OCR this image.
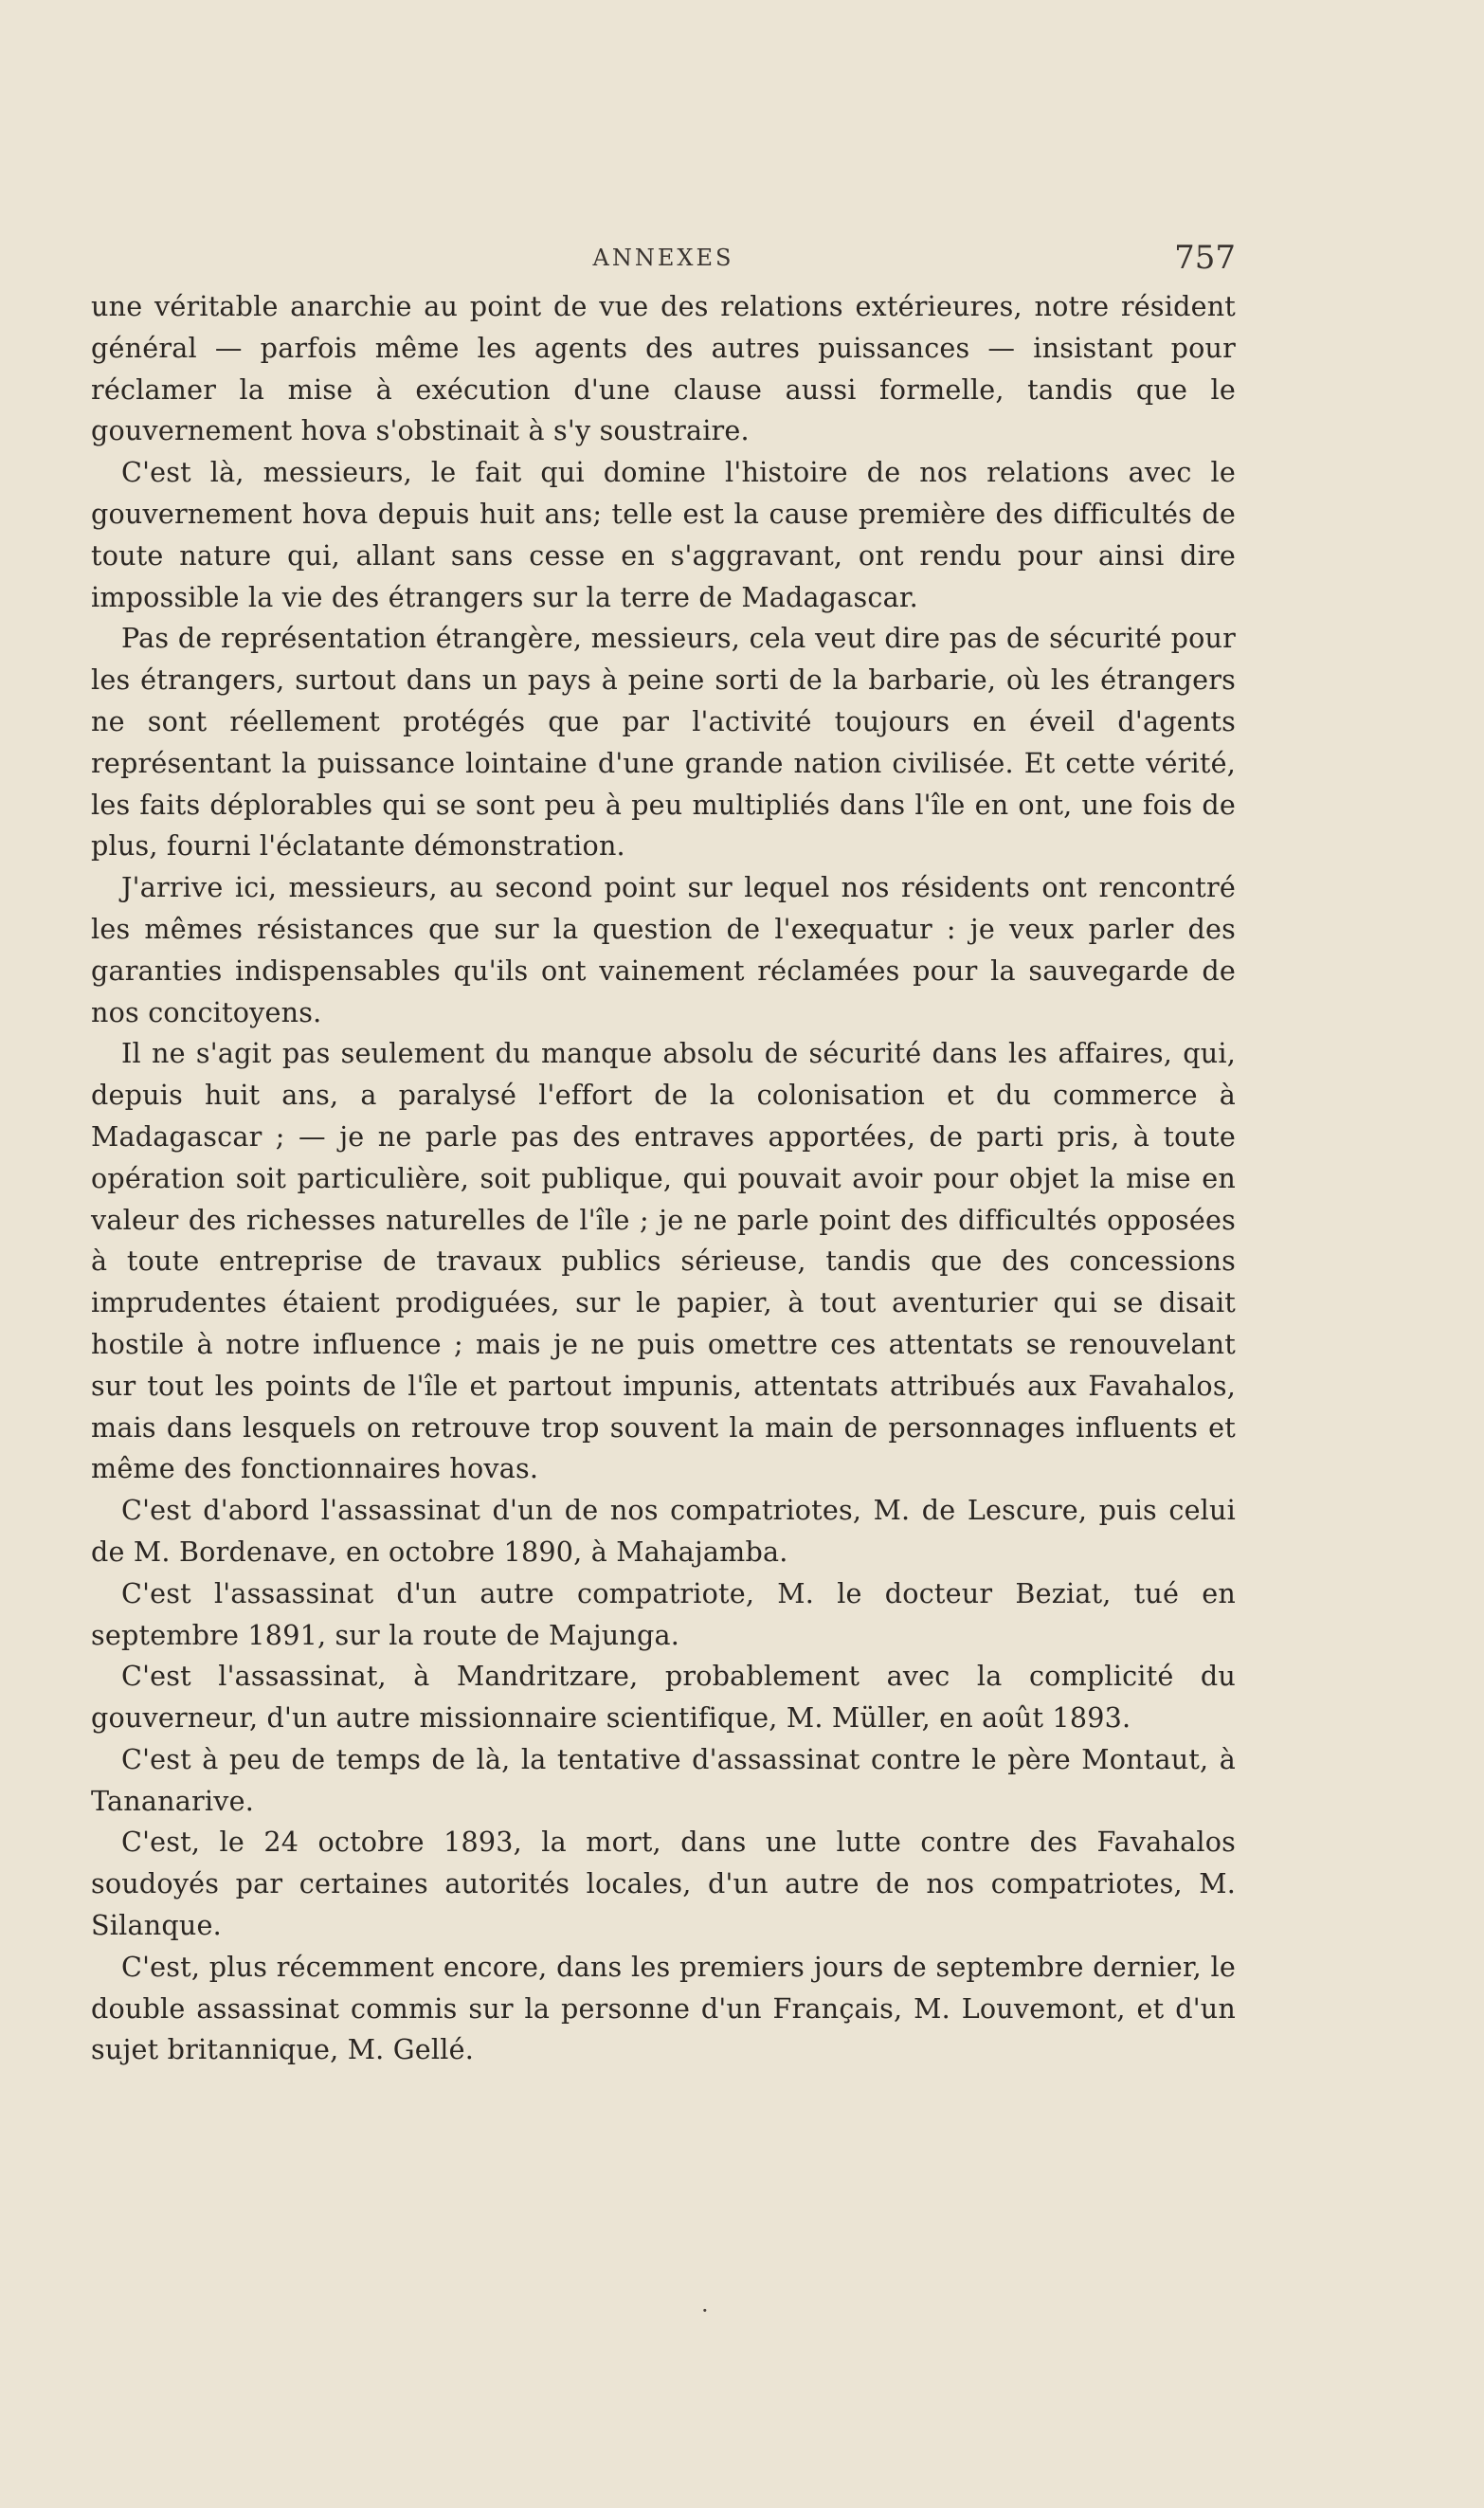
ANNEXES	757

une véritable anarchie au point de vue des relations extérieures, notre résident général — parfois même les agents des autres puissances — insistant pour réclamer la mise à exécution d'une clause aussi formelle, tandis que le gouvernement hova s'obstinait à s'y soustraire.

C'est là, messieurs, le fait qui domine l'histoire de nos relations avec le gouvernement hova depuis huit ans; telle est la cause première des difficultés de toute nature qui, allant sans cesse en s'aggravant, ont rendu pour ainsi dire impossible la vie des étrangers sur la terre de Madagascar.

Pas de représentation étrangère, messieurs, cela veut dire pas de sécurité pour les étrangers, surtout dans un pays à peine sorti de la barbarie, où les étrangers ne sont réellement protégés que par l'activité toujours en éveil d'agents représentant la puissance lointaine d'une grande nation civilisée. Et cette vérité, les faits déplorables qui se sont peu à peu multipliés dans l'île en ont, une fois de plus, fourni l'éclatante démonstration.

J'arrive ici, messieurs, au second point sur lequel nos résidents ont rencontré les mêmes résistances que sur la question de l'exequatur : je veux parler des garanties indispensables qu'ils ont vainement réclamées pour la sauvegarde de nos concitoyens.

Il ne s'agit pas seulement du manque absolu de sécurité dans les affaires, qui, depuis huit ans, a paralysé l'effort de la colonisation et du commerce à Madagascar ; — je ne parle pas des entraves apportées, de parti pris, à toute opération soit particulière, soit publique, qui pouvait avoir pour objet la mise en valeur des richesses naturelles de l'île ; je ne parle point des difficultés opposées à toute entreprise de travaux publics sérieuse, tandis que des concessions imprudentes étaient prodiguées, sur le papier, à tout aventurier qui se disait hostile à notre influence ; mais je ne puis omettre ces attentats se renouvelant sur tout les points de l'île et partout impunis, attentats attribués aux Favahalos, mais dans lesquels on retrouve trop souvent la main de personnages influents et même des fonctionnaires hovas.

C'est d'abord l'assassinat d'un de nos compatriotes, M. de Lescure, puis celui de M. Bordenave, en octobre 1890, à Mahajamba.

C'est l'assassinat d'un autre compatriote, M. le docteur Beziat, tué en septembre 1891, sur la route de Majunga.

C'est l'assassinat, à Mandritzare, probablement avec la complicité du gouverneur, d'un autre missionnaire scientifique, M. Müller, en août 1893.

C'est à peu de temps de là, la tentative d'assassinat contre le père Montaut, à Tananarive.

C'est, le 24 octobre 1893, la mort, dans une lutte contre des Favahalos soudoyés par certaines autorités locales, d'un autre de nos compatriotes, M. Silanque.

C'est, plus récemment encore, dans les premiers jours de septembre dernier, le double assassinat commis sur la personne d'un Français, M. Louvemont, et d'un sujet britannique, M. Gellé.

·
